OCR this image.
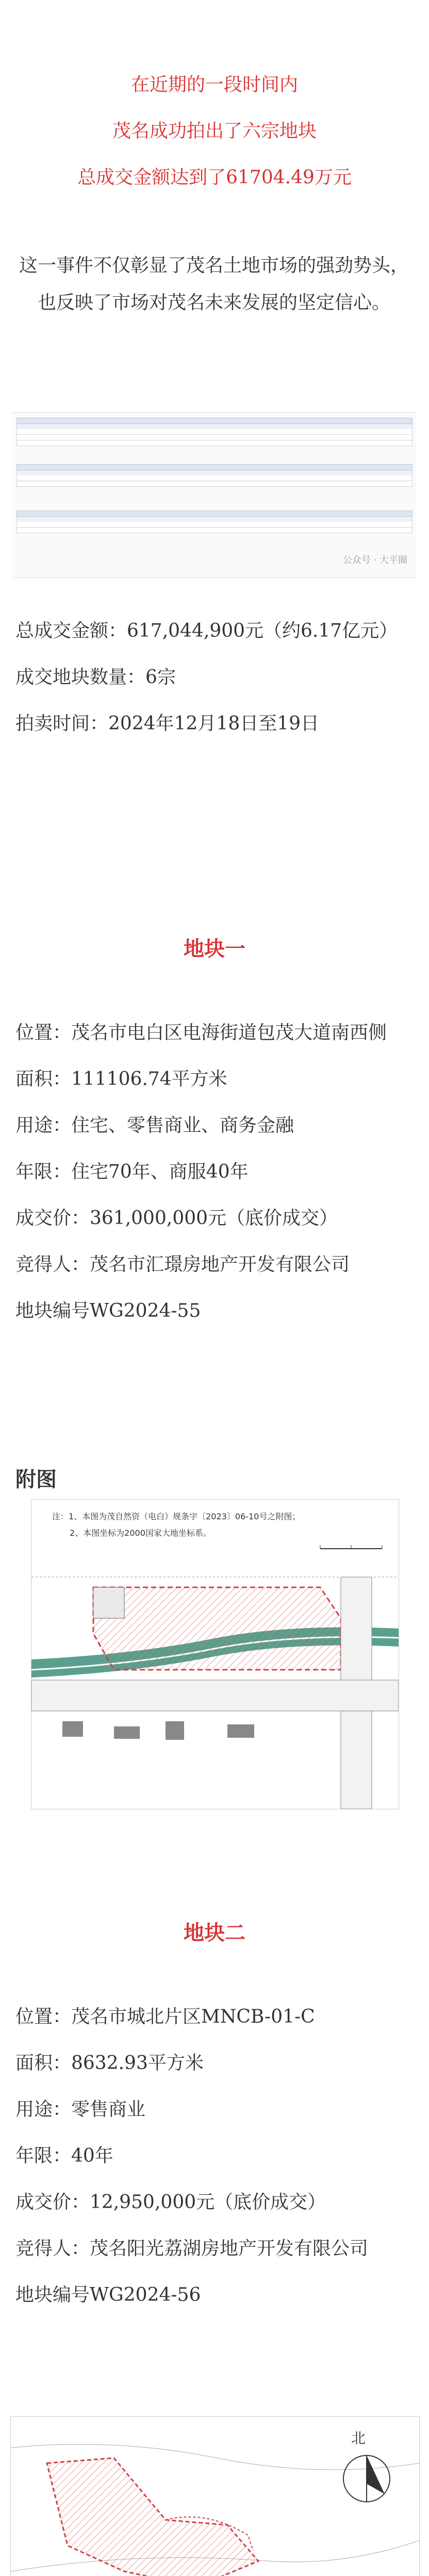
在近期的一段时间内

茂名成功拍出了六宗地块

总成交金额达到了61704.49万元

这一事件不仅彰显了茂名土地市场的强劲势头，也反映了市场对茂名未来发展的坚定信心。

公众号 · 大平圈

总成交金额：617,044,900元（约6.17亿元）

成交地块数量：6宗

拍卖时间：2024年12月18日至19日

地块一

位置：茂名市电白区电海街道包茂大道南西侧

面积：111106.74平方米

用途：住宅、零售商业、商务金融

年限：住宅70年、商服40年

成交价：361,000,000元（底价成交）

竞得人：茂名市汇璟房地产开发有限公司

地块编号WG2024-55

附图
注：1、本图为茂自然资（电白）规条字〔2023〕06-10号之附图；
2、本图坐标为2000国家大地坐标系。
地块二

位置：茂名市城北片区MNCB-01-C

面积：8632.93平方米

用途：零售商业

年限：40年

成交价：12,950,000元（底价成交）

竞得人：茂名阳光荔湖房地产开发有限公司

地块编号WG2024-56

北
